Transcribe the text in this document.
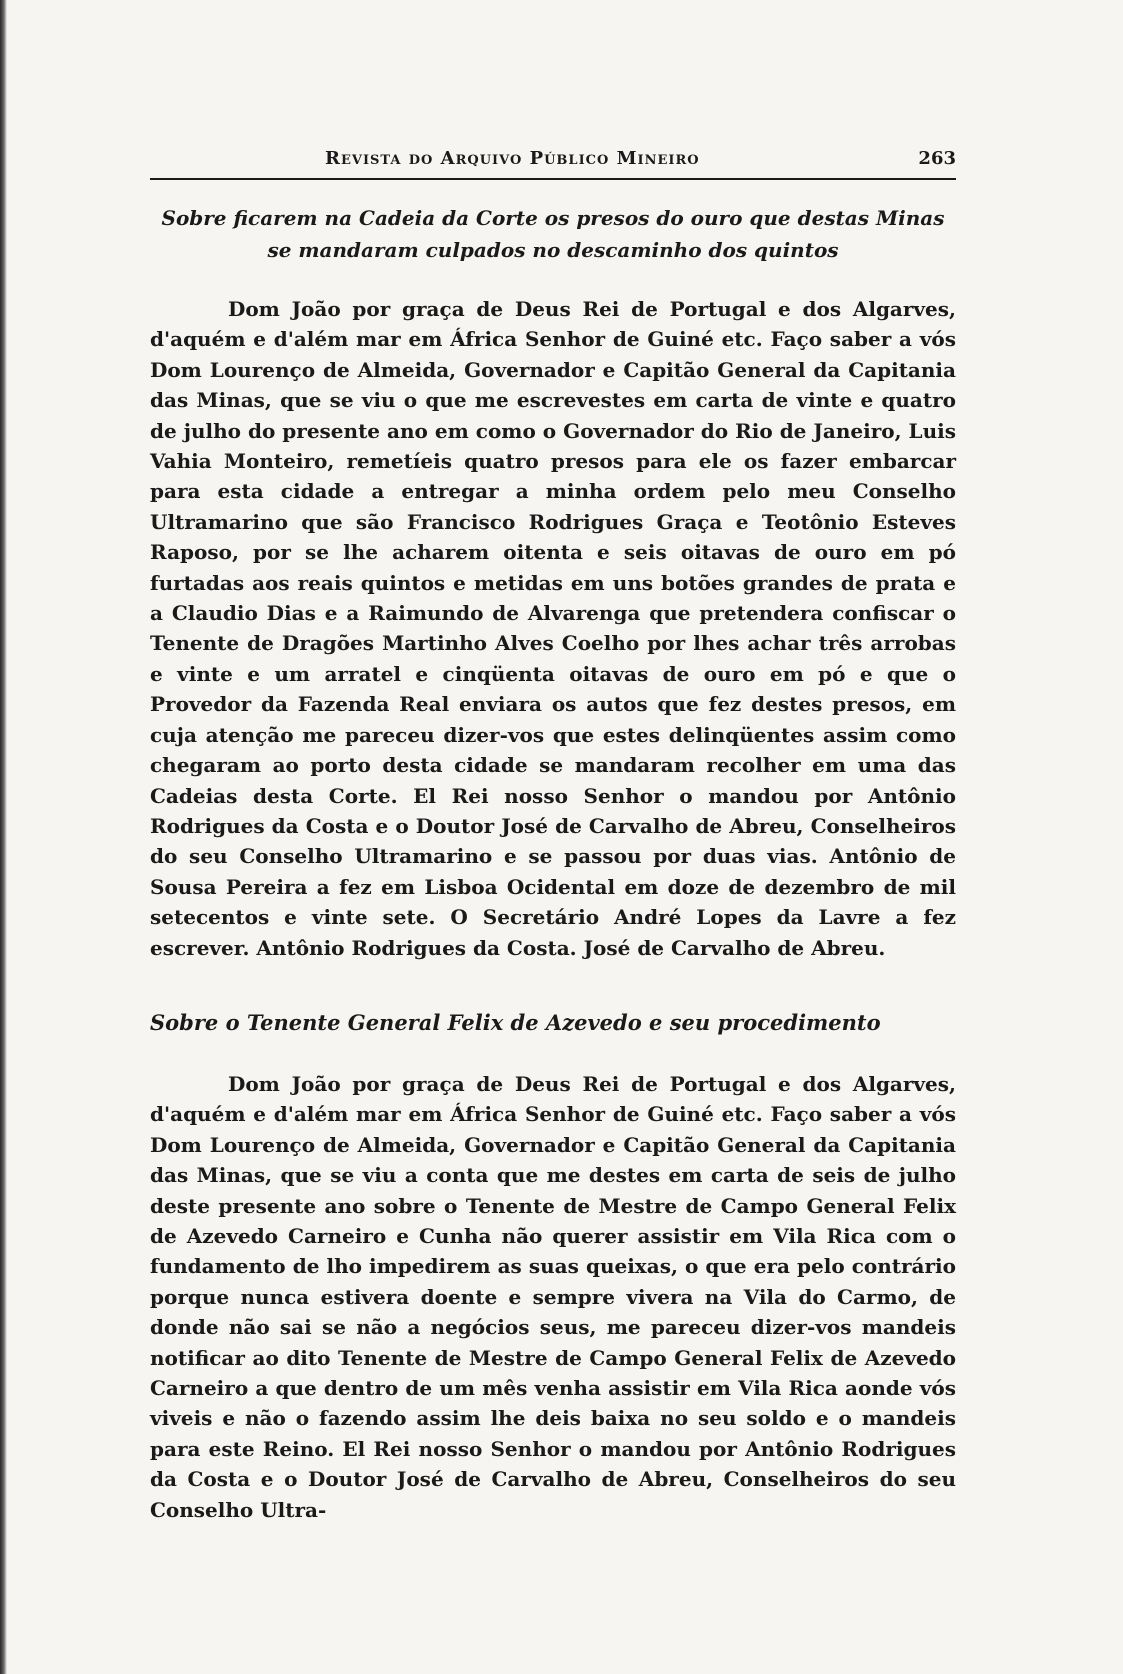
Revista do Arquivo Público Mineiro	263

Sobre ficarem na Cadeia da Corte os presos do ouro que destas Minas se mandaram culpados no descaminho dos quintos

Dom João por graça de Deus Rei de Portugal e dos Algarves, d'aquém e d'além mar em África Senhor de Guiné etc. Faço saber a vós Dom Lourenço de Almeida, Governador e Capitão General da Capitania das Minas, que se viu o que me escrevestes em carta de vinte e quatro de julho do presente ano em como o Governador do Rio de Janeiro, Luis Vahia Monteiro, remetíeis quatro presos para ele os fazer embarcar para esta cidade a entregar a minha ordem pelo meu Conselho Ultramarino que são Francisco Rodrigues Graça e Teotônio Esteves Raposo, por se lhe acharem oitenta e seis oitavas de ouro em pó furtadas aos reais quintos e metidas em uns botões grandes de prata e a Claudio Dias e a Raimundo de Alvarenga que pretendera confiscar o Tenente de Dragões Martinho Alves Coelho por lhes achar três arrobas e vinte e um arratel e cinqüenta oitavas de ouro em pó e que o Provedor da Fazenda Real enviara os autos que fez destes presos, em cuja atenção me pareceu dizer-vos que estes delinqüentes assim como chegaram ao porto desta cidade se mandaram recolher em uma das Cadeias desta Corte. El Rei nosso Senhor o mandou por Antônio Rodrigues da Costa e o Doutor José de Carvalho de Abreu, Conselheiros do seu Conselho Ultramarino e se passou por duas vias. Antônio de Sousa Pereira a fez em Lisboa Ocidental em doze de dezembro de mil setecentos e vinte sete. O Secretário André Lopes da Lavre a fez escrever. Antônio Rodrigues da Costa. José de Carvalho de Abreu.

Sobre o Tenente General Felix de Azevedo e seu procedimento

Dom João por graça de Deus Rei de Portugal e dos Algarves, d'aquém e d'além mar em África Senhor de Guiné etc. Faço saber a vós Dom Lourenço de Almeida, Governador e Capitão General da Capitania das Minas, que se viu a conta que me destes em carta de seis de julho deste presente ano sobre o Tenente de Mestre de Campo General Felix de Azevedo Carneiro e Cunha não querer assistir em Vila Rica com o fundamento de lho impedirem as suas queixas, o que era pelo contrário porque nunca estivera doente e sempre vivera na Vila do Carmo, de donde não sai se não a negócios seus, me pareceu dizer-vos mandeis notificar ao dito Tenente de Mestre de Campo General Felix de Azevedo Carneiro a que dentro de um mês venha assistir em Vila Rica aonde vós viveis e não o fazendo assim lhe deis baixa no seu soldo e o mandeis para este Reino. El Rei nosso Senhor o mandou por Antônio Rodrigues da Costa e o Doutor José de Carvalho de Abreu, Conselheiros do seu Conselho Ultra-
